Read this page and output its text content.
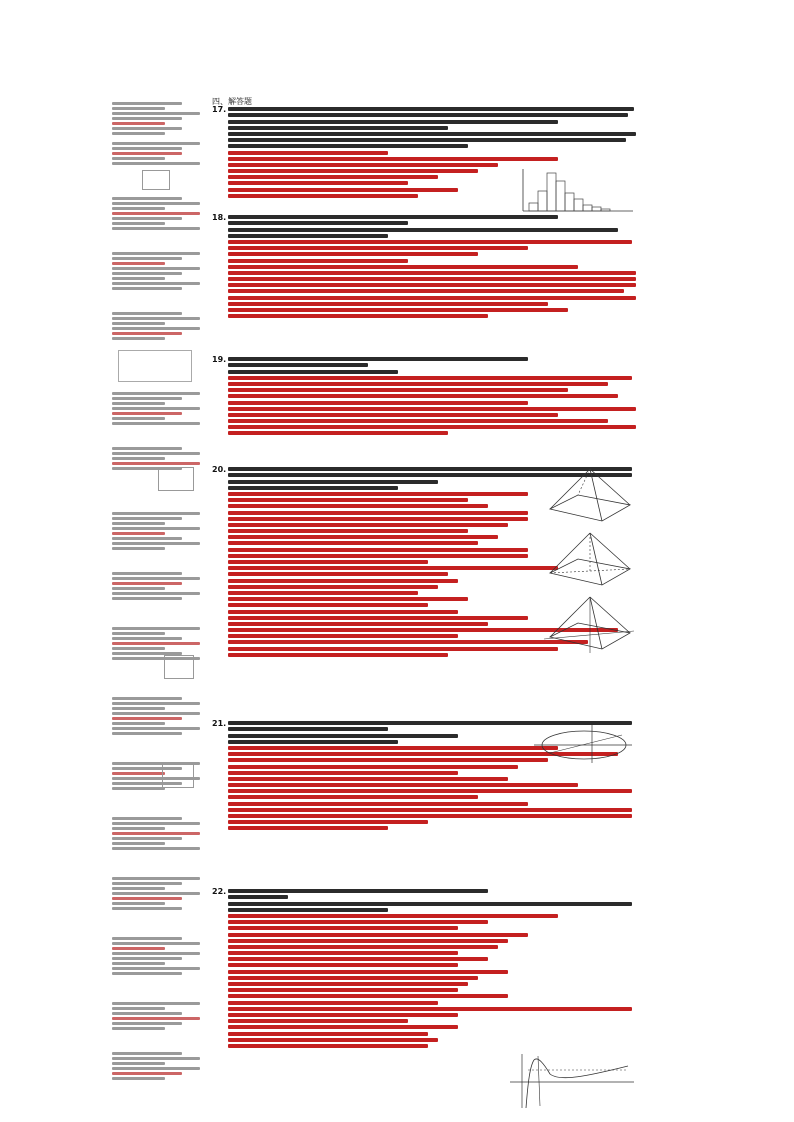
四、解答题
17.
18.
19.
20.
21.
22.
